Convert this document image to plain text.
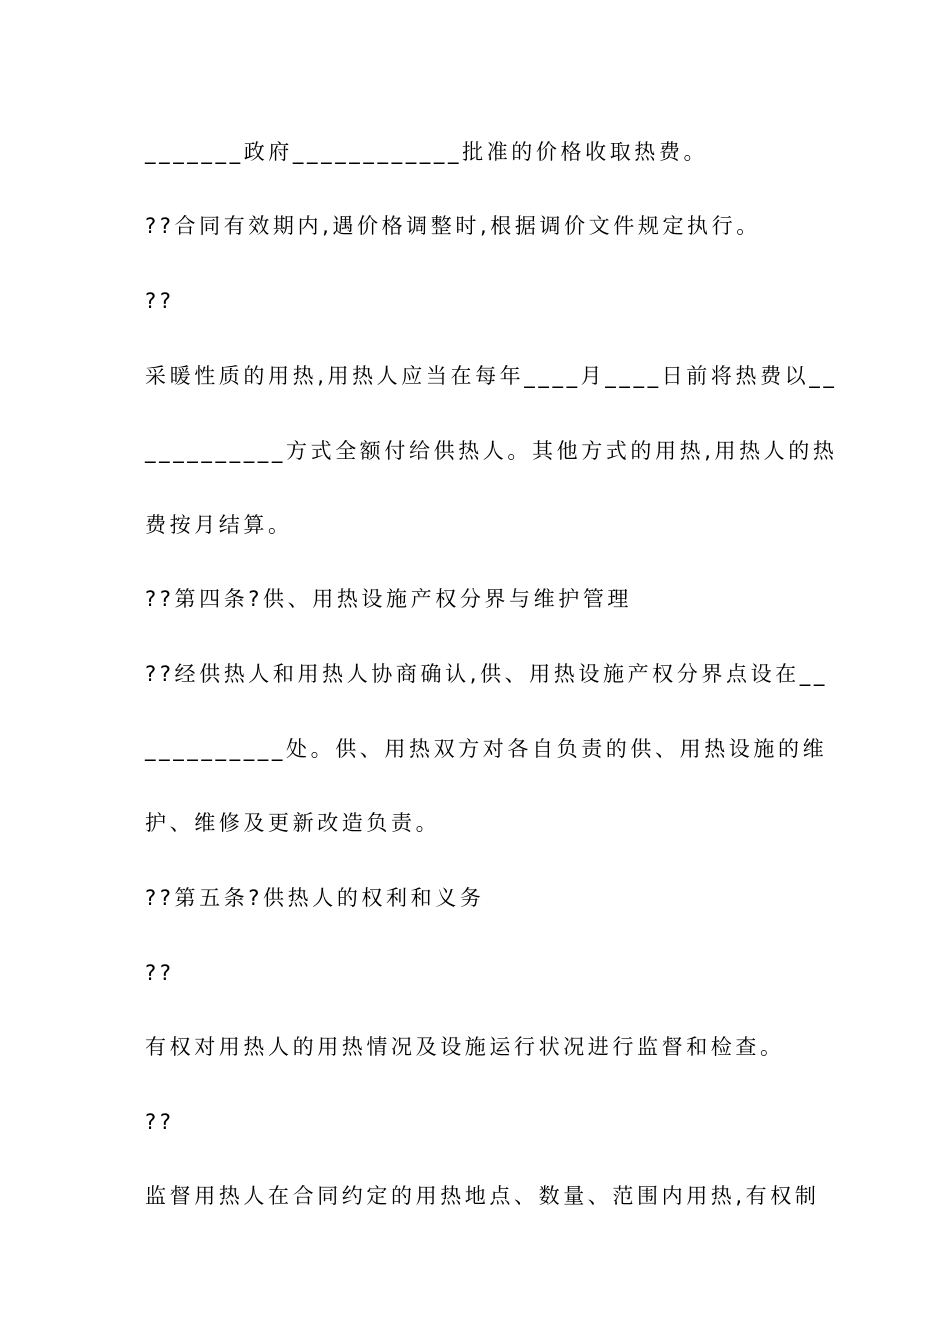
_______政府____________批准的价格收取热费。
??合同有效期内,遇价格调整时,根据调价文件规定执行。
??
采暖性质的用热,用热人应当在每年____月____日前将热费以__
__________方式全额付给供热人。其他方式的用热,用热人的热
费按月结算。
??第四条?供、用热设施产权分界与维护管理
??经供热人和用热人协商确认,供、用热设施产权分界点设在__
__________处。供、用热双方对各自负责的供、用热设施的维
护、维修及更新改造负责。
??第五条?供热人的权利和义务
??
有权对用热人的用热情况及设施运行状况进行监督和检查。
??
监督用热人在合同约定的用热地点、数量、范围内用热,有权制
